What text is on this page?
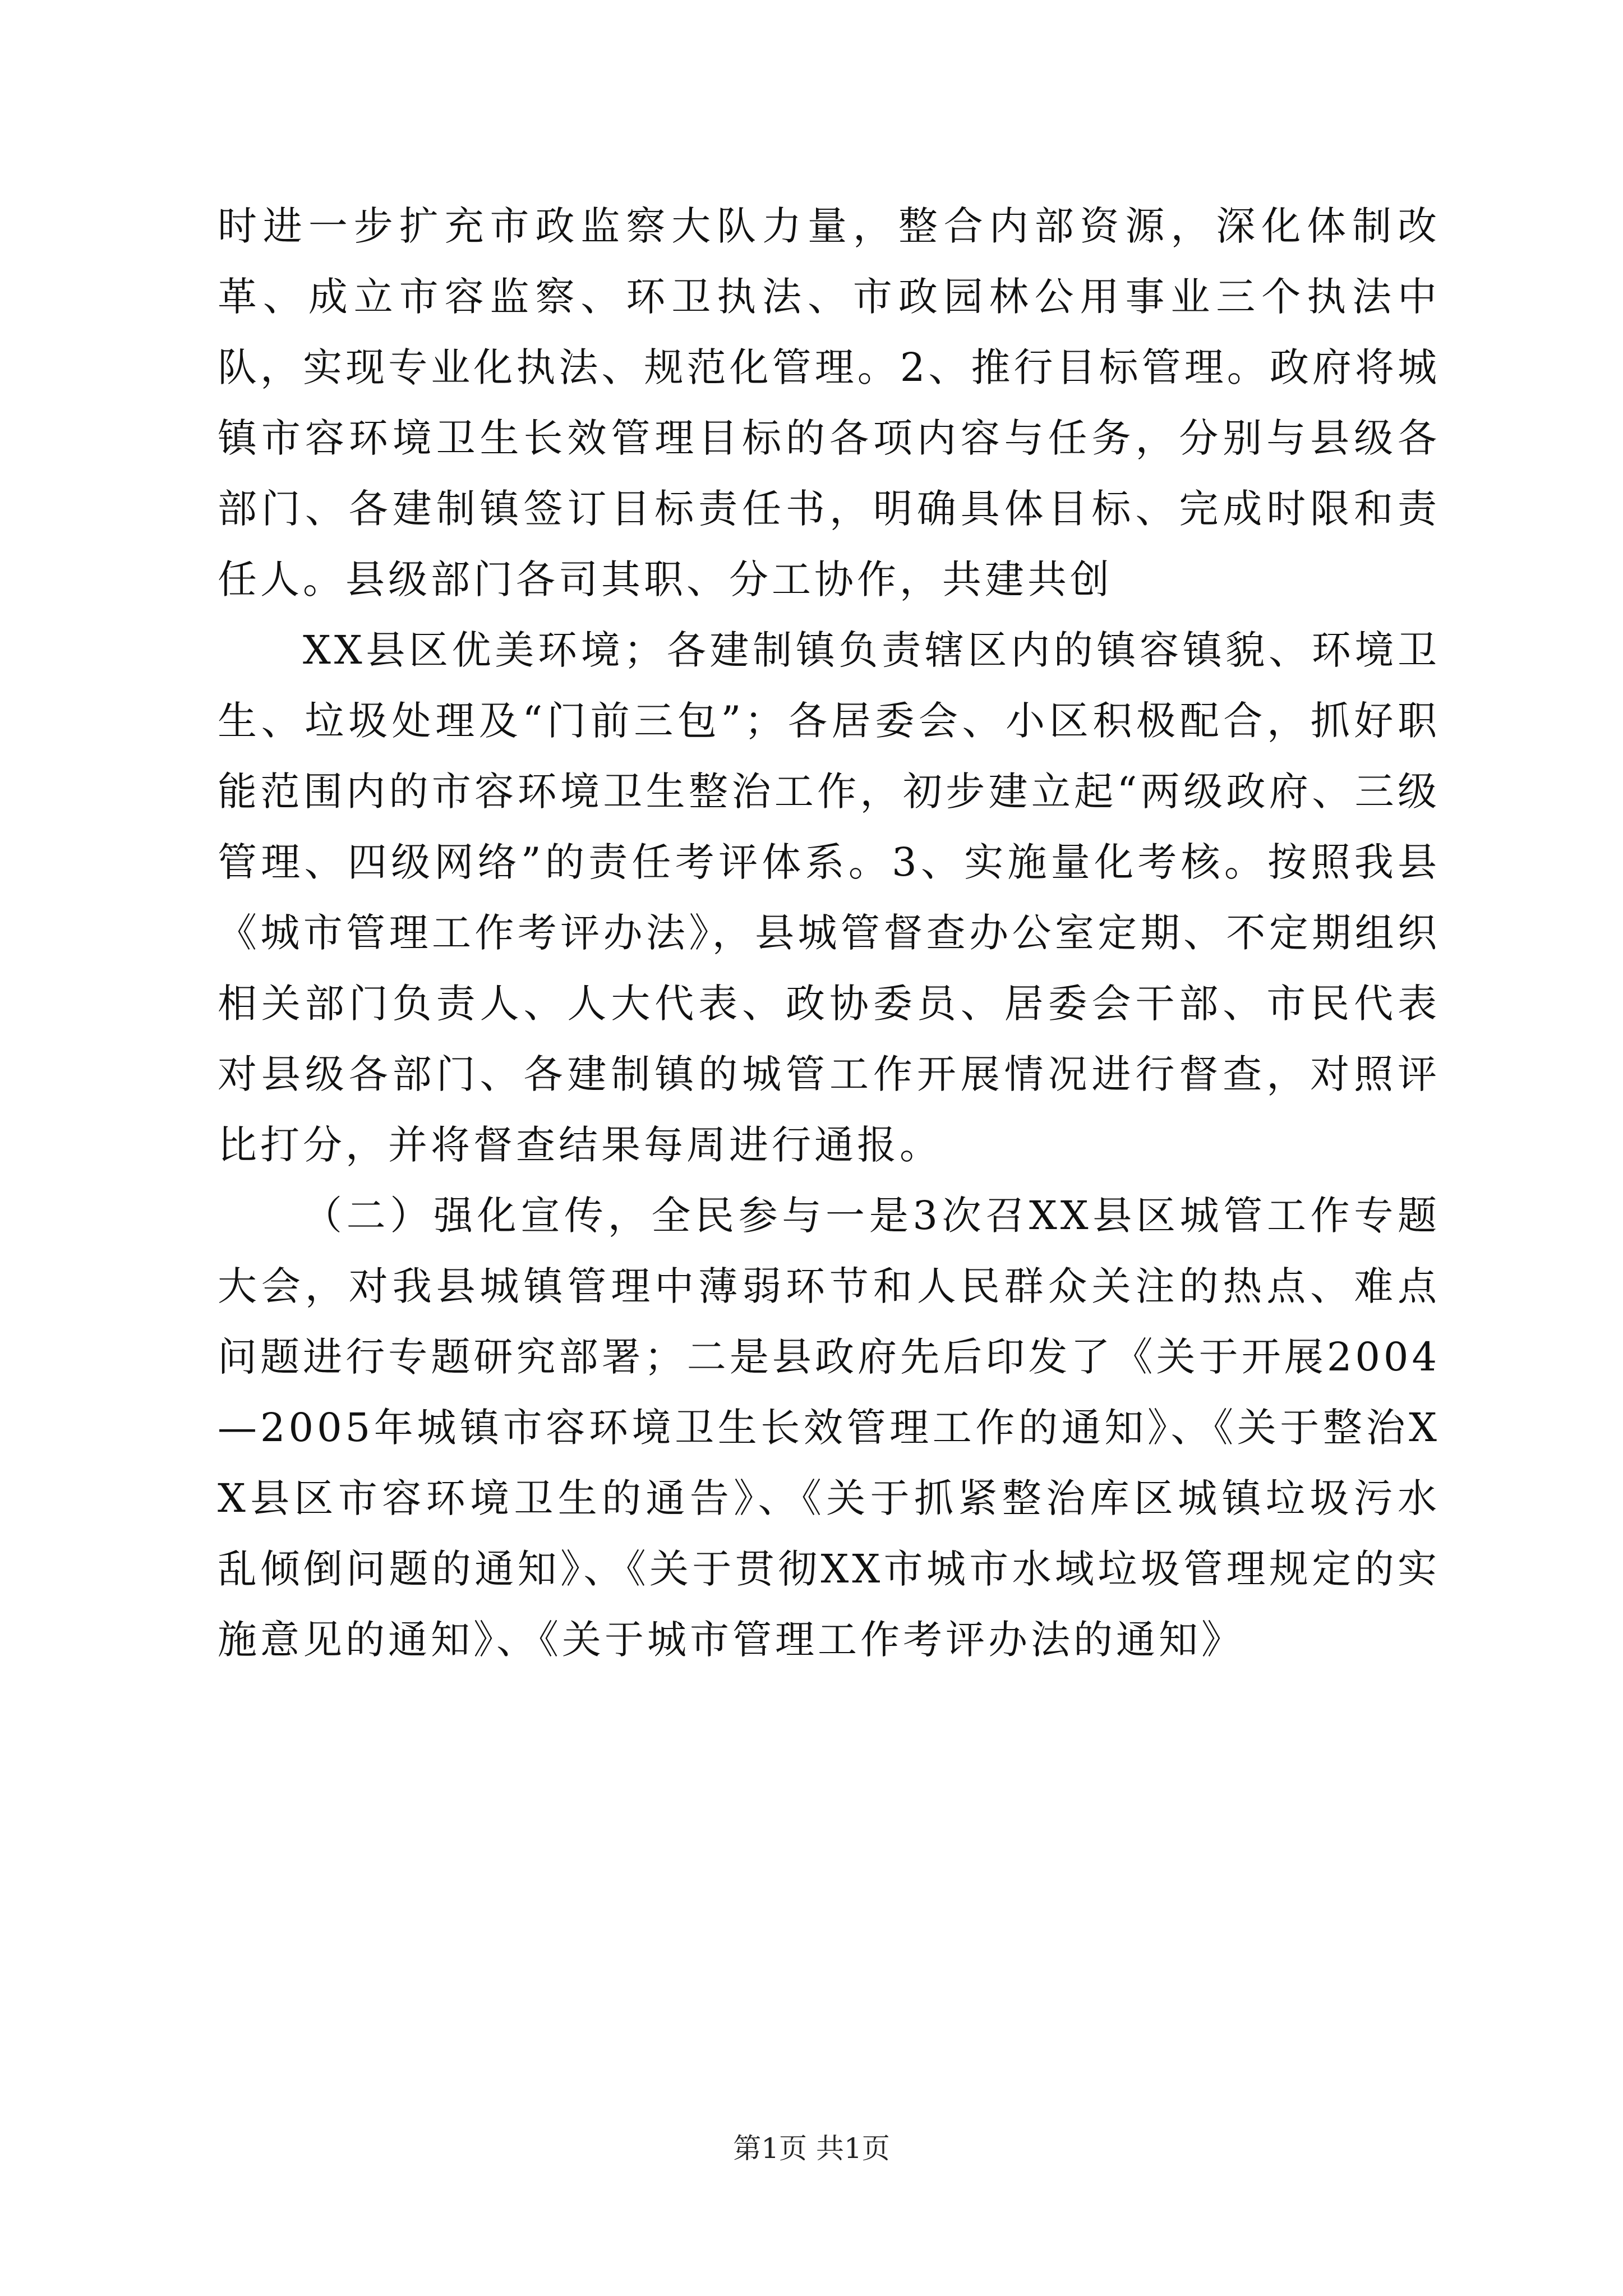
时进一步扩充市政监察大队力量，整合内部资源，深化体制改革、成立市容监察、环卫执法、市政园林公用事业三个执法中队，实现专业化执法、规范化管理。2、推行目标管理。政府将城镇市容环境卫生长效管理目标的各项内容与任务，分别与县级各部门、各建制镇签订目标责任书，明确具体目标、完成时限和责任人。县级部门各司其职、分工协作，共建共创

XX县区优美环境；各建制镇负责辖区内的镇容镇貌、环境卫生、垃圾处理及“门前三包”；各居委会、小区积极配合，抓好职能范围内的市容环境卫生整治工作，初步建立起“两级政府、三级管理、四级网络”的责任考评体系。3、实施量化考核。按照我县《城市管理工作考评办法》，县城管督查办公室定期、不定期组织相关部门负责人、人大代表、政协委员、居委会干部、市民代表对县级各部门、各建制镇的城管工作开展情况进行督查，对照评比打分，并将督查结果每周进行通报。

（二）强化宣传，全民参与一是3次召XX县区城管工作专题大会，对我县城镇管理中薄弱环节和人民群众关注的热点、难点问题进行专题研究部署；二是县政府先后印发了《关于开展2004—2005年城镇市容环境卫生长效管理工作的通知》、《关于整治XX县区市容环境卫生的通告》、《关于抓紧整治库区城镇垃圾污水乱倾倒问题的通知》、《关于贯彻XX市城市水域垃圾管理规定的实施意见的通知》、《关于城市管理工作考评办法的通知》

第1页 共1页
